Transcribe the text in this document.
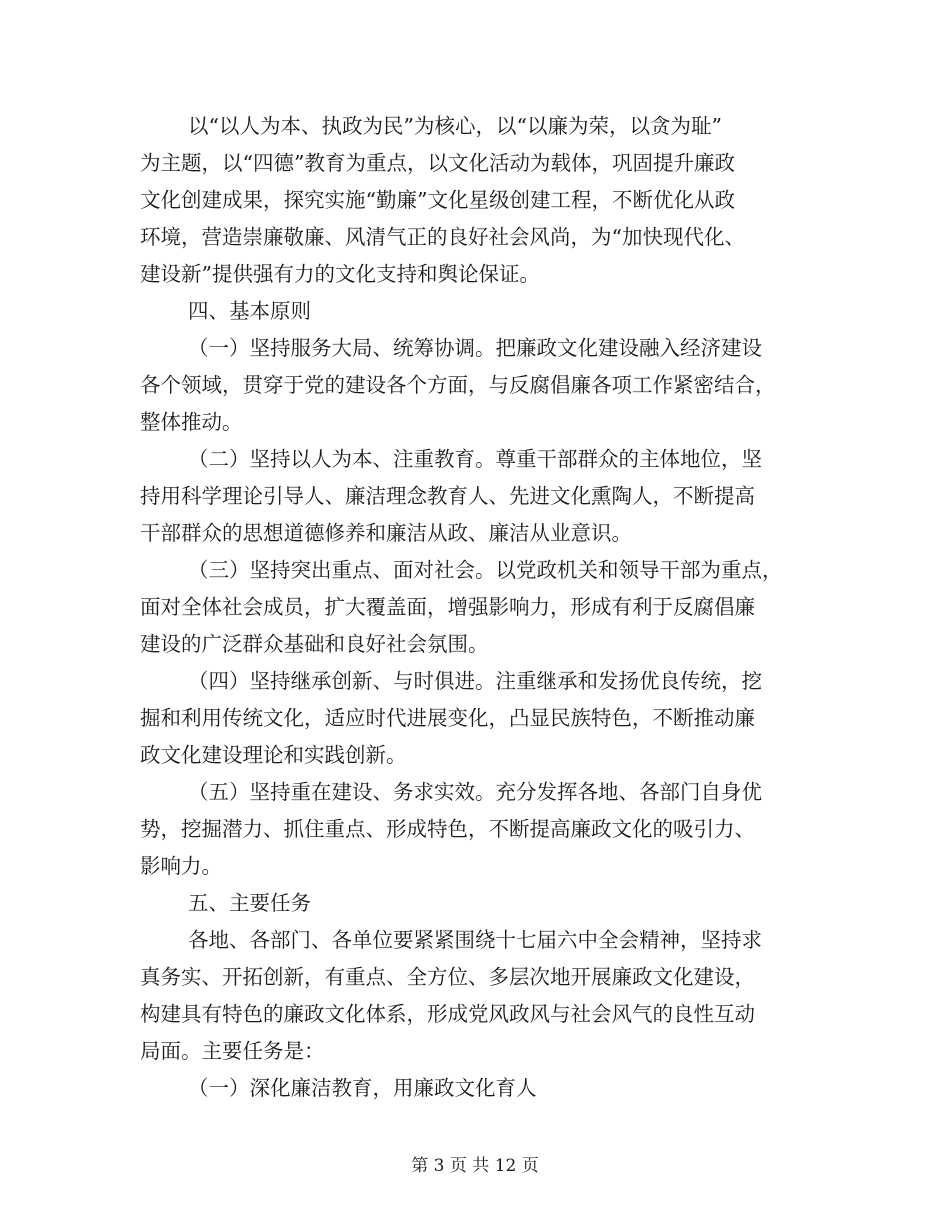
以“以人为本、执政为民”为核心，以“以廉为荣，以贪为耻”
为主题，以“四德”教育为重点，以文化活动为载体，巩固提升廉政
文化创建成果，探究实施“勤廉”文化星级创建工程，不断优化从政
环境，营造崇廉敬廉、风清气正的良好社会风尚，为“加快现代化、
建设新”提供强有力的文化支持和舆论保证。
四、基本原则
（一）坚持服务大局、统筹协调。把廉政文化建设融入经济建设
各个领域，贯穿于党的建设各个方面，与反腐倡廉各项工作紧密结合，
整体推动。
（二）坚持以人为本、注重教育。尊重干部群众的主体地位，坚
持用科学理论引导人、廉洁理念教育人、先进文化熏陶人，不断提高
干部群众的思想道德修养和廉洁从政、廉洁从业意识。
（三）坚持突出重点、面对社会。以党政机关和领导干部为重点，
面对全体社会成员，扩大覆盖面，增强影响力，形成有利于反腐倡廉
建设的广泛群众基础和良好社会氛围。
（四）坚持继承创新、与时俱进。注重继承和发扬优良传统，挖
掘和利用传统文化，适应时代进展变化，凸显民族特色，不断推动廉
政文化建设理论和实践创新。
（五）坚持重在建设、务求实效。充分发挥各地、各部门自身优
势，挖掘潜力、抓住重点、形成特色，不断提高廉政文化的吸引力、
影响力。
五、主要任务
各地、各部门、各单位要紧紧围绕十七届六中全会精神，坚持求
真务实、开拓创新，有重点、全方位、多层次地开展廉政文化建设，
构建具有特色的廉政文化体系，形成党风政风与社会风气的良性互动
局面。主要任务是：
（一）深化廉洁教育，用廉政文化育人
第 3 页 共 12 页
